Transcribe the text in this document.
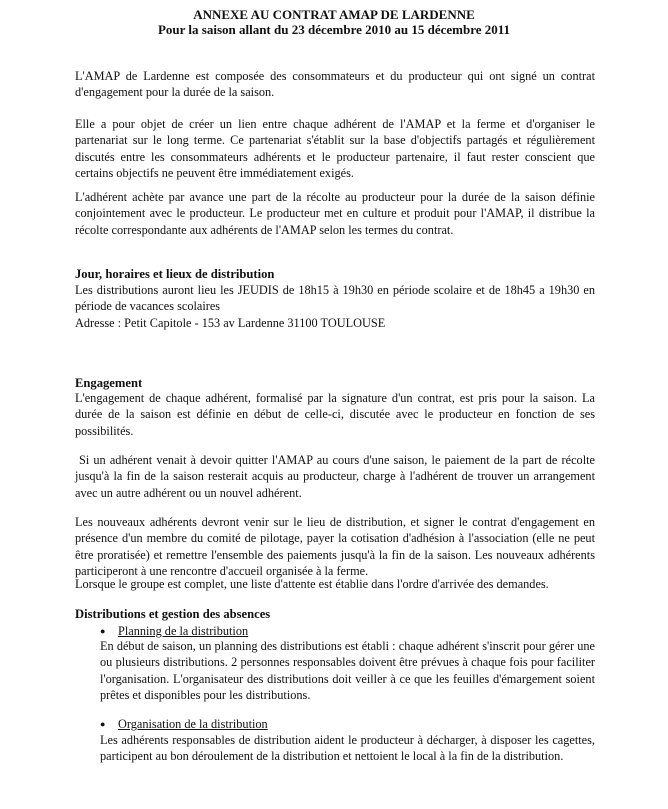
ANNEXE AU CONTRAT AMAP DE LARDENNE
Pour la saison allant du 23 décembre 2010 au 15 décembre 2011
L'AMAP de Lardenne est composée des consommateurs et du producteur qui ont signé un contrat d'engagement pour la durée de la saison.
Elle a pour objet de créer un lien entre chaque adhérent de l'AMAP et la ferme et d'organiser le partenariat sur le long terme. Ce partenariat s'établit sur la base d'objectifs partagés et régulièrement discutés entre les consommateurs adhérents et le producteur partenaire, il faut rester conscient que certains objectifs ne peuvent être immédiatement exigés.
L'adhérent achète par avance une part de la récolte au producteur pour la durée de la saison définie conjointement avec le producteur. Le producteur met en culture et produit pour l'AMAP, il distribue la récolte correspondante aux adhérents de l'AMAP selon les termes du contrat.
Jour, horaires et lieux de distribution
Les distributions auront lieu les JEUDIS de 18h15 à 19h30 en période scolaire et de 18h45 a 19h30 en période de vacances scolaires
Adresse : Petit Capitole - 153 av Lardenne 31100 TOULOUSE
Engagement
L'engagement de chaque adhérent, formalisé par la signature d'un contrat, est pris pour la saison. La durée de la saison est définie en début de celle-ci, discutée avec le producteur en fonction de ses possibilités.
Si un adhérent venait à devoir quitter l'AMAP au cours d'une saison, le paiement de la part de récolte jusqu'à la fin de la saison resterait acquis au producteur, charge à l'adhérent de trouver un arrangement avec un autre adhérent ou un nouvel adhérent.
Les nouveaux adhérents devront venir sur le lieu de distribution, et signer le contrat d'engagement en présence d'un membre du comité de pilotage, payer la cotisation d'adhésion à l'association (elle ne peut être proratisée) et remettre l'ensemble des paiements jusqu'à la fin de la saison. Les nouveaux adhérents participeront à une rencontre d'accueil organisée à la ferme.
Lorsque le groupe est complet, une liste d'attente est établie dans l'ordre d'arrivée des demandes.
Distributions et gestion des absences
● Planning de la distribution
En début de saison, un planning des distributions est établi : chaque adhérent s'inscrit pour gérer une ou plusieurs distributions. 2 personnes responsables doivent être prévues à chaque fois pour faciliter l'organisation. L'organisateur des distributions doit veiller à ce que les feuilles d'émargement soient prêtes et disponibles pour les distributions.
● Organisation de la distribution
Les adhérents responsables de distribution aident le producteur à décharger, à disposer les cagettes, participent au bon déroulement de la distribution et nettoient le local à la fin de la distribution.
